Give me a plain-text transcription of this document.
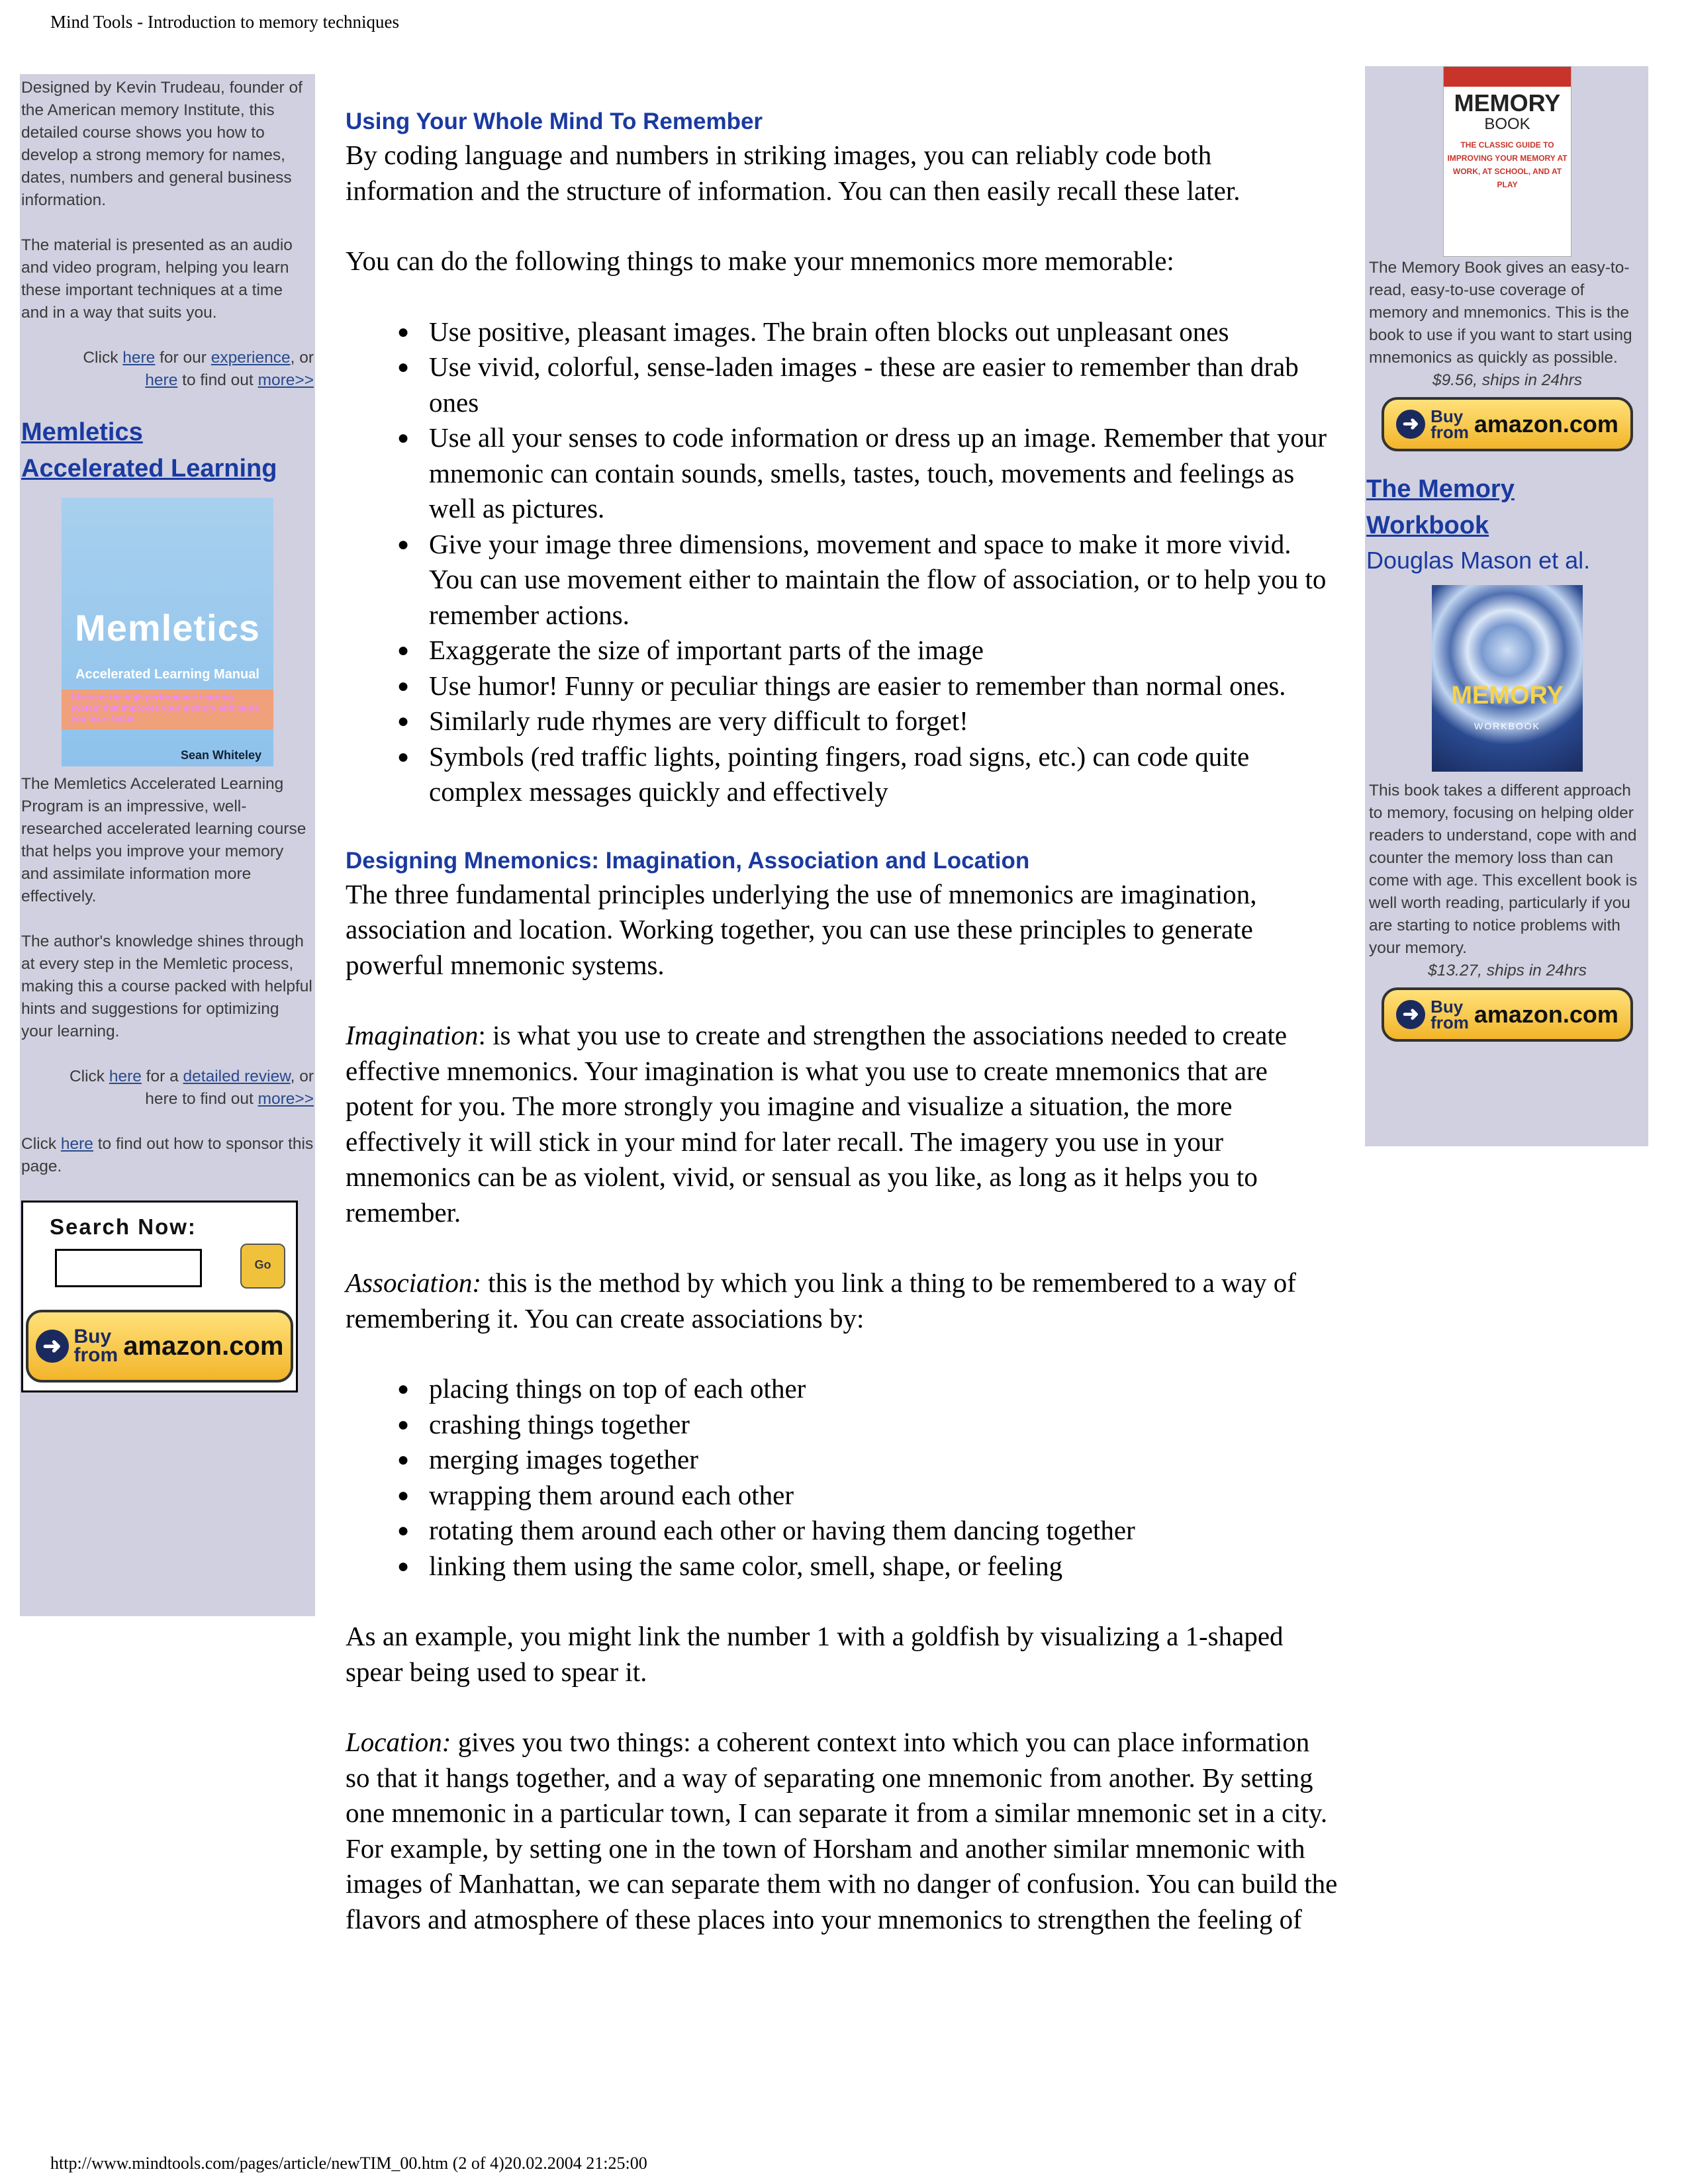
Mind Tools - Introduction to memory techniques

Designed by Kevin Trudeau, founder of the American memory Institute, this detailed course shows you how to develop a strong memory for names, dates, numbers and general business information.

The material is presented as an audio and video program, helping you learn these important techniques at a time and in a way that suits you.

Click here for our experience, or
here to find out more>>
Memletics
Accelerated Learning
Memletics
Accelerated Learning Manual
Discover the high performance learning system that improves your memory and helps you learn faster
Sean Whiteley

The Memletics Accelerated Learning Program is an impressive, well-researched accelerated learning course that helps you improve your memory and assimilate information more effectively.

The author's knowledge shines through at every step in the Memletic process, making this a course packed with helpful hints and suggestions for optimizing your learning.

Click here for a detailed review, or
here to find out more>>

Click here to find out how to sponsor this page.

Search Now:
Go
➜ Buy
from amazon.com
Using Your Whole Mind To Remember

By coding language and numbers in striking images, you can reliably code both information and the structure of information. You can then easily recall these later.

You can do the following things to make your mnemonics more memorable:

● Use positive, pleasant images. The brain often blocks out unpleasant ones
● Use vivid, colorful, sense-laden images - these are easier to remember than drab ones
● Use all your senses to code information or dress up an image. Remember that your mnemonic can contain sounds, smells, tastes, touch, movements and feelings as well as pictures.
● Give your image three dimensions, movement and space to make it more vivid. You can use movement either to maintain the flow of association, or to help you to remember actions.
● Exaggerate the size of important parts of the image
● Use humor! Funny or peculiar things are easier to remember than normal ones.
● Similarly rude rhymes are very difficult to forget!
● Symbols (red traffic lights, pointing fingers, road signs, etc.) can code quite complex messages quickly and effectively
Designing Mnemonics: Imagination, Association and Location

The three fundamental principles underlying the use of mnemonics are imagination, association and location. Working together, you can use these principles to generate powerful mnemonic systems.

Imagination: is what you use to create and strengthen the associations needed to create effective mnemonics. Your imagination is what you use to create mnemonics that are potent for you. The more strongly you imagine and visualize a situation, the more effectively it will stick in your mind for later recall. The imagery you use in your mnemonics can be as violent, vivid, or sensual as you like, as long as it helps you to remember.

Association: this is the method by which you link a thing to be remembered to a way of remembering it. You can create associations by:

● placing things on top of each other
● crashing things together
● merging images together
● wrapping them around each other
● rotating them around each other or having them dancing together
● linking them using the same color, smell, shape, or feeling

As an example, you might link the number 1 with a goldfish by visualizing a 1-shaped spear being used to spear it.

Location: gives you two things: a coherent context into which you can place information so that it hangs together, and a way of separating one mnemonic from another. By setting one mnemonic in a particular town, I can separate it from a similar mnemonic set in a city. For example, by setting one in the town of Horsham and another similar mnemonic with images of Manhattan, we can separate them with no danger of confusion. You can build the flavors and atmosphere of these places into your mnemonics to strengthen the feeling of

MEMORY
BOOK
THE CLASSIC GUIDE TO IMPROVING YOUR MEMORY AT WORK, AT SCHOOL, AND AT PLAY
The Memory Book gives an easy-to-read, easy-to-use coverage of memory and mnemonics. This is the book to use if you want to start using mnemonics as quickly as possible.

$9.56, ships in 24hrs

➜ Buy
from amazon.com
The Memory
Workbook
Douglas Mason et al.
MEMORY
WORKBOOK
This book takes a different approach to memory, focusing on helping older readers to understand, cope with and counter the memory loss than can come with age. This excellent book is well worth reading, particularly if you are starting to notice problems with your memory.

$13.27, ships in 24hrs

➜ Buy
from amazon.com
http://www.mindtools.com/pages/article/newTIM_00.htm (2 of 4)20.02.2004 21:25:00
